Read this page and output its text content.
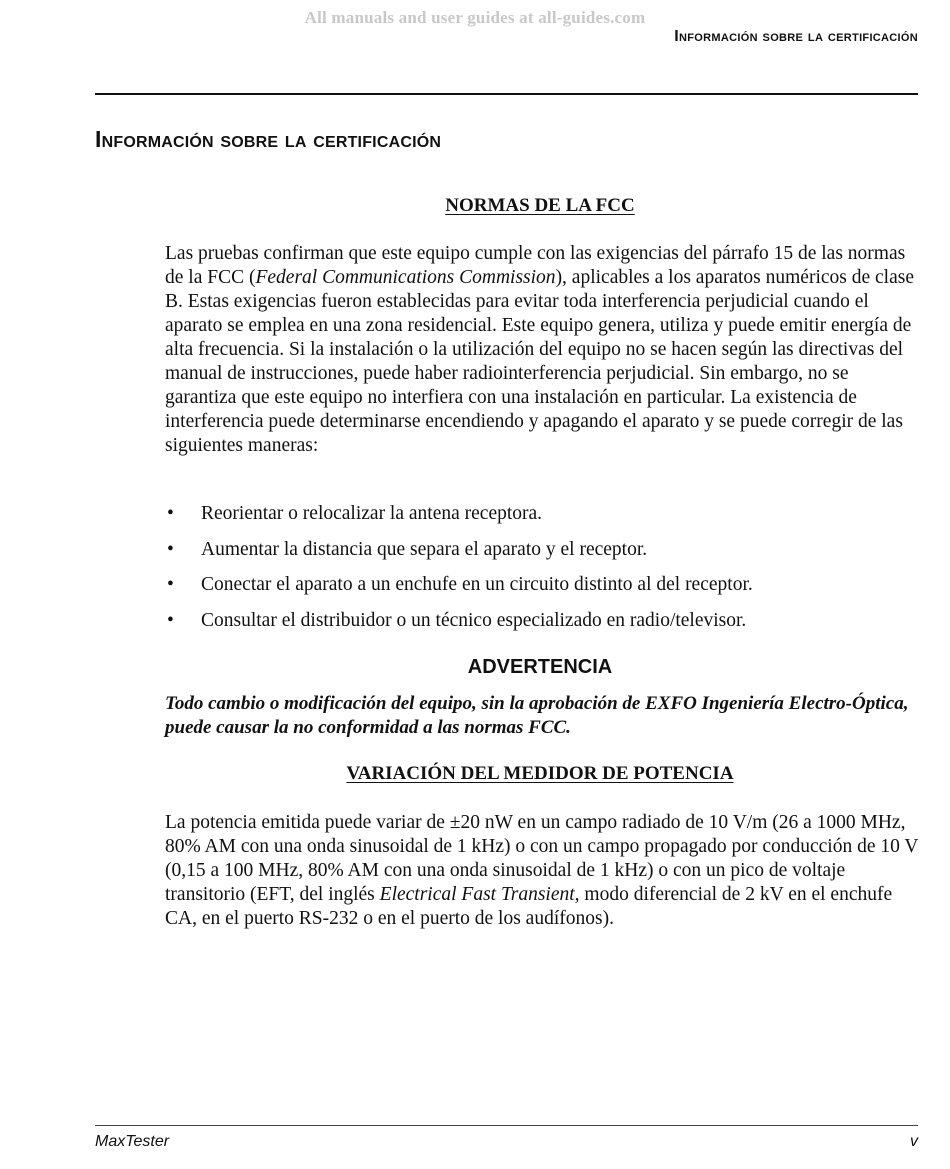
All manuals and user guides at all-guides.com
Información sobre la certificación
Información sobre la certificación
NORMAS DE LA FCC

Las pruebas confirman que este equipo cumple con las exigencias del párrafo 15 de las normas de la FCC (Federal Communications Commission), aplicables a los aparatos numéricos de clase B. Estas exigencias fueron establecidas para evitar toda interferencia perjudicial cuando el aparato se emplea en una zona residencial. Este equipo genera, utiliza y puede emitir energía de alta frecuencia. Si la instalación o la utilización del equipo no se hacen según las directivas del manual de instrucciones, puede haber radiointerferencia perjudicial. Sin embargo, no se garantiza que este equipo no interfiera con una instalación en particular. La existencia de interferencia puede determinarse encendiendo y apagando el aparato y se puede corregir de las siguientes maneras:

• Reorientar o relocalizar la antena receptora.
• Aumentar la distancia que separa el aparato y el receptor.
• Conectar el aparato a un enchufe en un circuito distinto al del receptor.
• Consultar el distribuidor o un técnico especializado en radio/televisor.
ADVERTENCIA

Todo cambio o modificación del equipo, sin la aprobación de EXFO Ingeniería Electro-Óptica, puede causar la no conformidad a las normas FCC.

VARIACIÓN DEL MEDIDOR DE POTENCIA

La potencia emitida puede variar de ±20 nW en un campo radiado de 10 V/m (26 a 1000 MHz, 80% AM con una onda sinusoidal de 1 kHz) o con un campo propagado por conducción de 10 V (0,15 a 100 MHz, 80% AM con una onda sinusoidal de 1 kHz) o con un pico de voltaje transitorio (EFT, del inglés Electrical Fast Transient, modo diferencial de 2 kV en el enchufe CA, en el puerto RS-232 o en el puerto de los audífonos).

MaxTester	v
